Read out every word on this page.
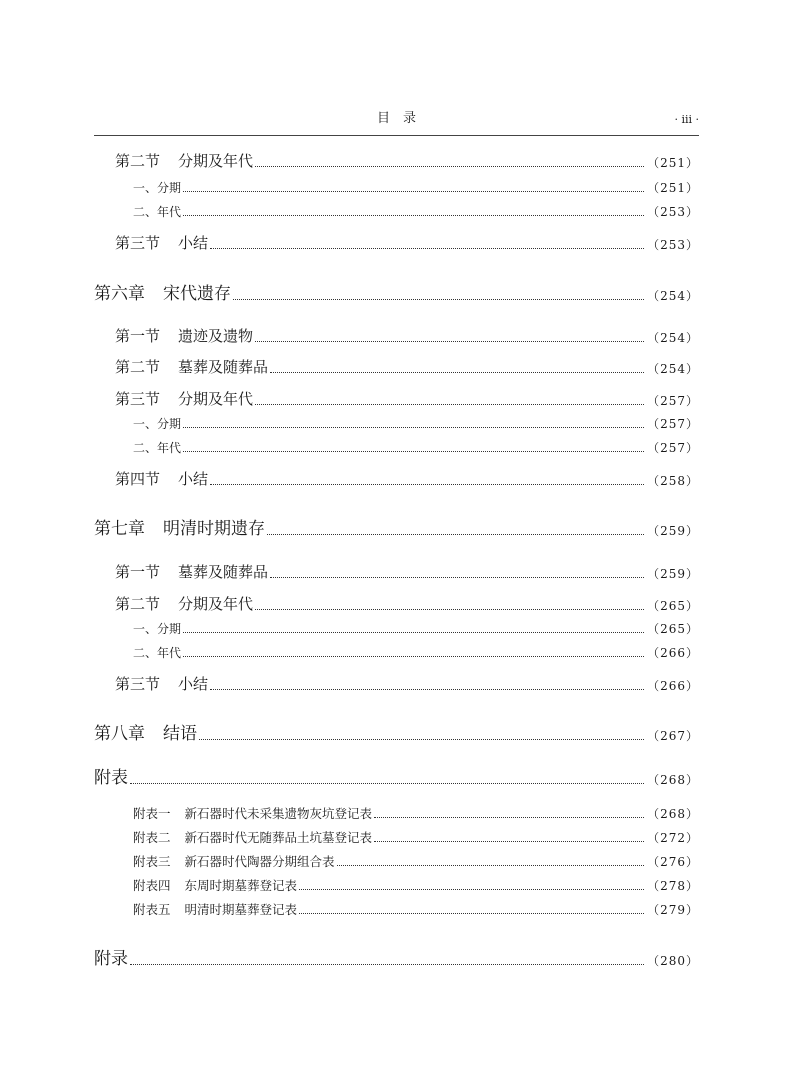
目　录	· iii ·
第二节 分期及年代	（251）
一、分期	（251）
二、年代	（253）
第三节 小结	（253）
第六章 宋代遗存	（254）
第一节 遗迹及遗物	（254）
第二节 墓葬及随葬品	（254）
第三节 分期及年代	（257）
一、分期	（257）
二、年代	（257）
第四节 小结	（258）
第七章 明清时期遗存	（259）
第一节 墓葬及随葬品	（259）
第二节 分期及年代	（265）
一、分期	（265）
二、年代	（266）
第三节 小结	（266）
第八章 结语	（267）
附表	（268）
附表一 新石器时代未采集遗物灰坑登记表	（268）
附表二 新石器时代无随葬品土坑墓登记表	（272）
附表三 新石器时代陶器分期组合表	（276）
附表四 东周时期墓葬登记表	（278）
附表五 明清时期墓葬登记表	（279）
附录	（280）
